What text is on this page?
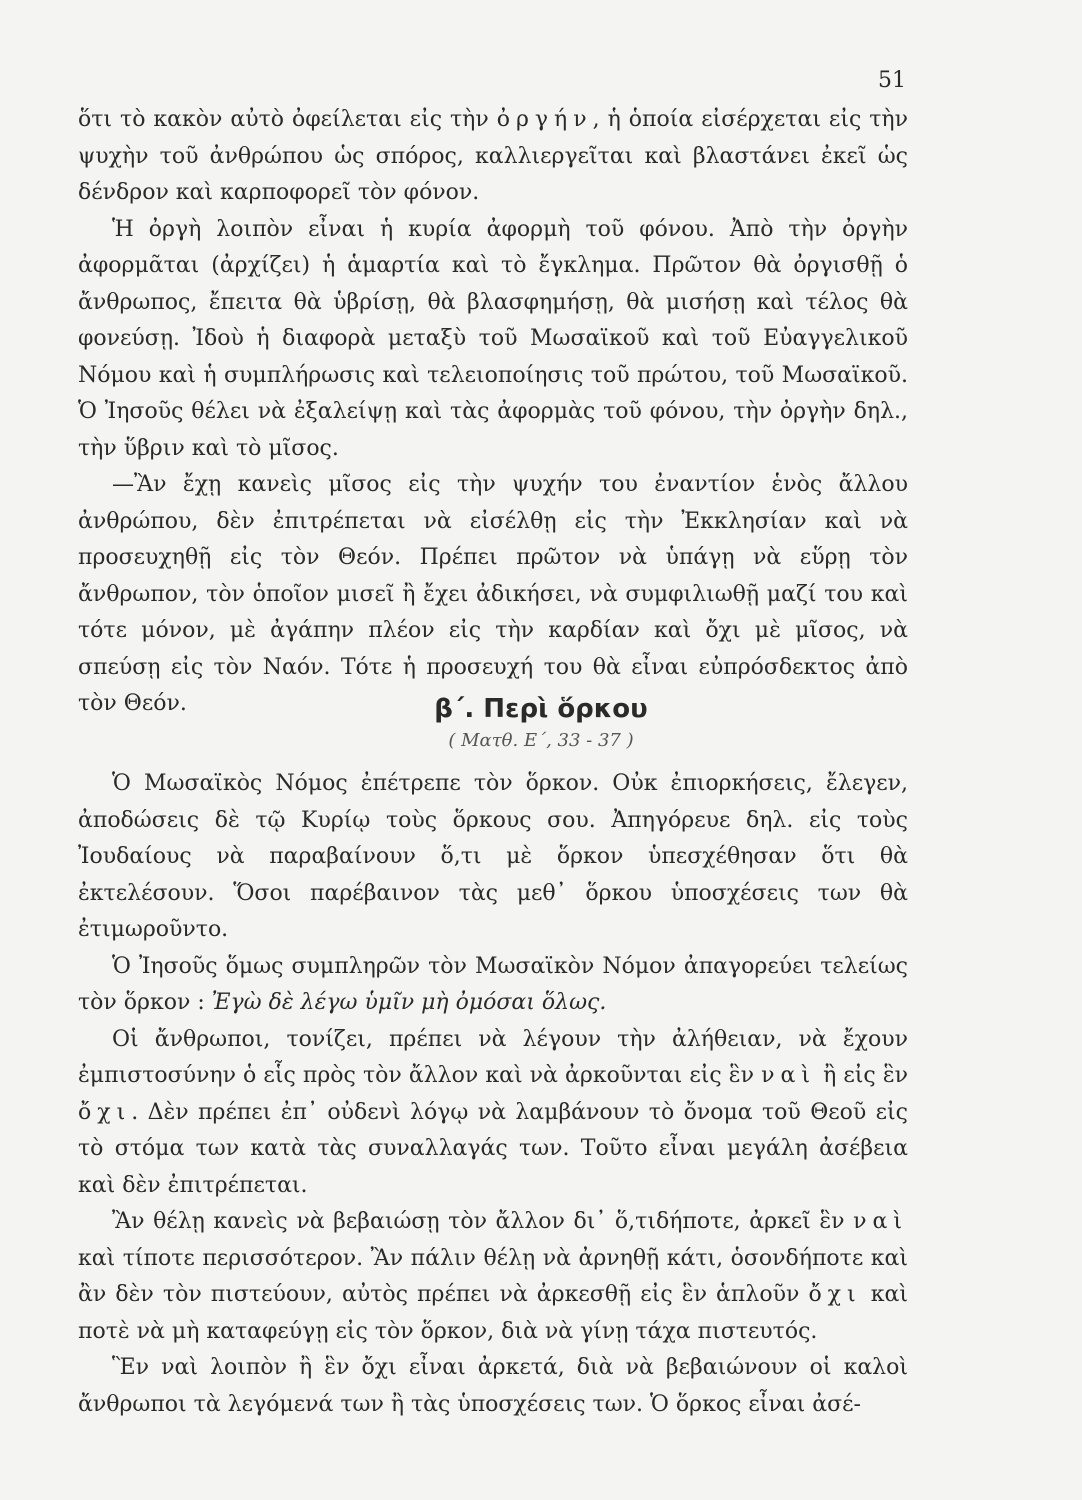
51

ὅτι τὸ κακὸν αὐτὸ ὀφείλεται εἰς τὴν ὀργήν, ἡ ὁποία εἰσέρχεται εἰς τὴν ψυχὴν τοῦ ἀνθρώπου ὡς σπόρος, καλλιεργεῖται καὶ βλαστάνει ἐκεῖ ὡς δένδρον καὶ καρποφορεῖ τὸν φόνον.

Ἡ ὀργὴ λοιπὸν εἶναι ἡ κυρία ἀφορμὴ τοῦ φόνου. Ἀπὸ τὴν ὀργὴν ἀφορμᾶται (ἀρχίζει) ἡ ἁμαρτία καὶ τὸ ἔγκλημα. Πρῶτον θὰ ὀργισθῇ ὁ ἄνθρωπος, ἔπειτα θὰ ὑβρίσῃ, θὰ βλασφημήσῃ, θὰ μισήσῃ καὶ τέλος θὰ φονεύσῃ. Ἰδοὺ ἡ διαφορὰ μεταξὺ τοῦ Μωσαϊκοῦ καὶ τοῦ Εὐαγγελικοῦ Νόμου καὶ ἡ συμπλήρωσις καὶ τελειοποίησις τοῦ πρώτου, τοῦ Μωσαϊκοῦ. Ὁ Ἰησοῦς θέλει νὰ ἐξαλείψῃ καὶ τὰς ἀφορμὰς τοῦ φόνου, τὴν ὀργὴν δηλ., τὴν ὕβριν καὶ τὸ μῖσος.

—Ἂν ἔχῃ κανεὶς μῖσος εἰς τὴν ψυχήν του ἐναντίον ἑνὸς ἄλλου ἀνθρώπου, δὲν ἐπιτρέπεται νὰ εἰσέλθῃ εἰς τὴν Ἐκκλησίαν καὶ νὰ προσευχηθῇ εἰς τὸν Θεόν. Πρέπει πρῶτον νὰ ὑπάγῃ νὰ εὕρῃ τὸν ἄνθρωπον, τὸν ὁποῖον μισεῖ ἢ ἔχει ἀδικήσει, νὰ συμφιλιωθῇ μαζί του καὶ τότε μόνον, μὲ ἀγάπην πλέον εἰς τὴν καρδίαν καὶ ὄχι μὲ μῖσος, νὰ σπεύσῃ εἰς τὸν Ναόν. Τότε ἡ προσευχή του θὰ εἶναι εὐπρόσδεκτος ἀπὸ τὸν Θεόν.	β΄. Περὶ ὅρκου
( Ματθ. Ε΄, 33 - 37 )

Ὁ Μωσαϊκὸς Νόμος ἐπέτρεπε τὸν ὅρκον. Οὐκ ἐπιορκήσεις, ἔλεγεν, ἀποδώσεις δὲ τῷ Κυρίῳ τοὺς ὅρκους σου. Ἀπηγόρευε δηλ. εἰς τοὺς Ἰουδαίους νὰ παραβαίνουν ὅ,τι μὲ ὅρκον ὑπεσχέθησαν ὅτι θὰ ἐκτελέσουν. Ὅσοι παρέβαινον τὰς μεθ᾽ ὅρκου ὑποσχέσεις των θὰ ἐτιμωροῦντο.

Ὁ Ἰησοῦς ὅμως συμπληρῶν τὸν Μωσαϊκὸν Νόμον ἀπαγορεύει τελείως τὸν ὅρκον : Ἐγὼ δὲ λέγω ὑμῖν μὴ ὀμόσαι ὅλως.

Οἱ ἄνθρωποι, τονίζει, πρέπει νὰ λέγουν τὴν ἀλήθειαν, νὰ ἔχουν ἐμπιστοσύνην ὁ εἷς πρὸς τὸν ἄλλον καὶ νὰ ἀρκοῦνται εἰς ἓν ναὶ ἢ εἰς ἓν ὄχι. Δὲν πρέπει ἐπ᾽ οὐδενὶ λόγῳ νὰ λαμβάνουν τὸ ὄνομα τοῦ Θεοῦ εἰς τὸ στόμα των κατὰ τὰς συναλλαγάς των. Τοῦτο εἶναι μεγάλη ἀσέβεια καὶ δὲν ἐπιτρέπεται.

Ἂν θέλῃ κανεὶς νὰ βεβαιώσῃ τὸν ἄλλον δι᾽ ὅ,τιδήποτε, ἀρκεῖ ἓν ναὶ καὶ τίποτε περισσότερον. Ἂν πάλιν θέλῃ νὰ ἀρνηθῇ κάτι, ὁσονδήποτε καὶ ἂν δὲν τὸν πιστεύουν, αὐτὸς πρέπει νὰ ἀρκεσθῇ εἰς ἓν ἁπλοῦν ὄχι καὶ ποτὲ νὰ μὴ καταφεύγῃ εἰς τὸν ὅρκον, διὰ νὰ γίνῃ τάχα πιστευτός.

Ἓν ναὶ λοιπὸν ἢ ἓν ὄχι εἶναι ἀρκετά, διὰ νὰ βεβαιώνουν οἱ καλοὶ ἄνθρωποι τὰ λεγόμενά των ἢ τὰς ὑποσχέσεις των. Ὁ ὅρκος εἶναι ἀσέ-
